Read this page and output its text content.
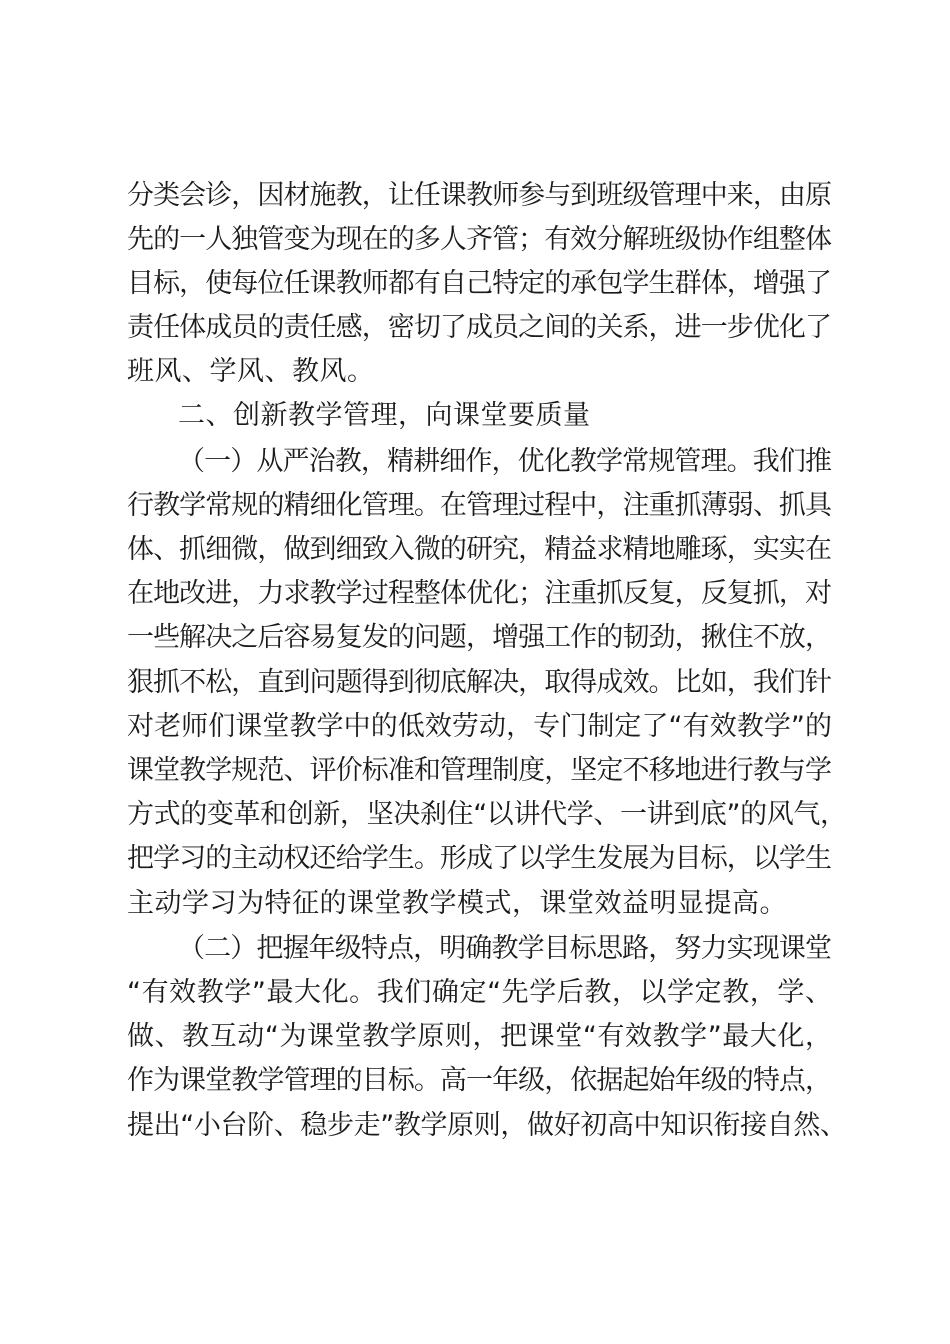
分类会诊，因材施教，让任课教师参与到班级管理中来，由原
先的一人独管变为现在的多人齐管；有效分解班级协作组整体
目标，使每位任课教师都有自己特定的承包学生群体，增强了
责任体成员的责任感，密切了成员之间的关系，进一步优化了
班风、学风、教风。
二、创新教学管理，向课堂要质量
（一）从严治教，精耕细作，优化教学常规管理。我们推
行教学常规的精细化管理。在管理过程中，注重抓薄弱、抓具
体、抓细微，做到细致入微的研究，精益求精地雕琢，实实在
在地改进，力求教学过程整体优化；注重抓反复，反复抓，对
一些解决之后容易复发的问题，增强工作的韧劲，揪住不放，
狠抓不松，直到问题得到彻底解决，取得成效。比如，我们针
对老师们课堂教学中的低效劳动，专门制定了“有效教学”的
课堂教学规范、评价标准和管理制度，坚定不移地进行教与学
方式的变革和创新，坚决刹住“以讲代学、一讲到底”的风气，
把学习的主动权还给学生。形成了以学生发展为目标，以学生
主动学习为特征的课堂教学模式，课堂效益明显提高。
（二）把握年级特点，明确教学目标思路，努力实现课堂
“有效教学”最大化。我们确定“先学后教，以学定教，学、
做、教互动“为课堂教学原则，把课堂“有效教学”最大化，
作为课堂教学管理的目标。高一年级，依据起始年级的特点，
提出“小台阶、稳步走”教学原则，做好初高中知识衔接自然、
